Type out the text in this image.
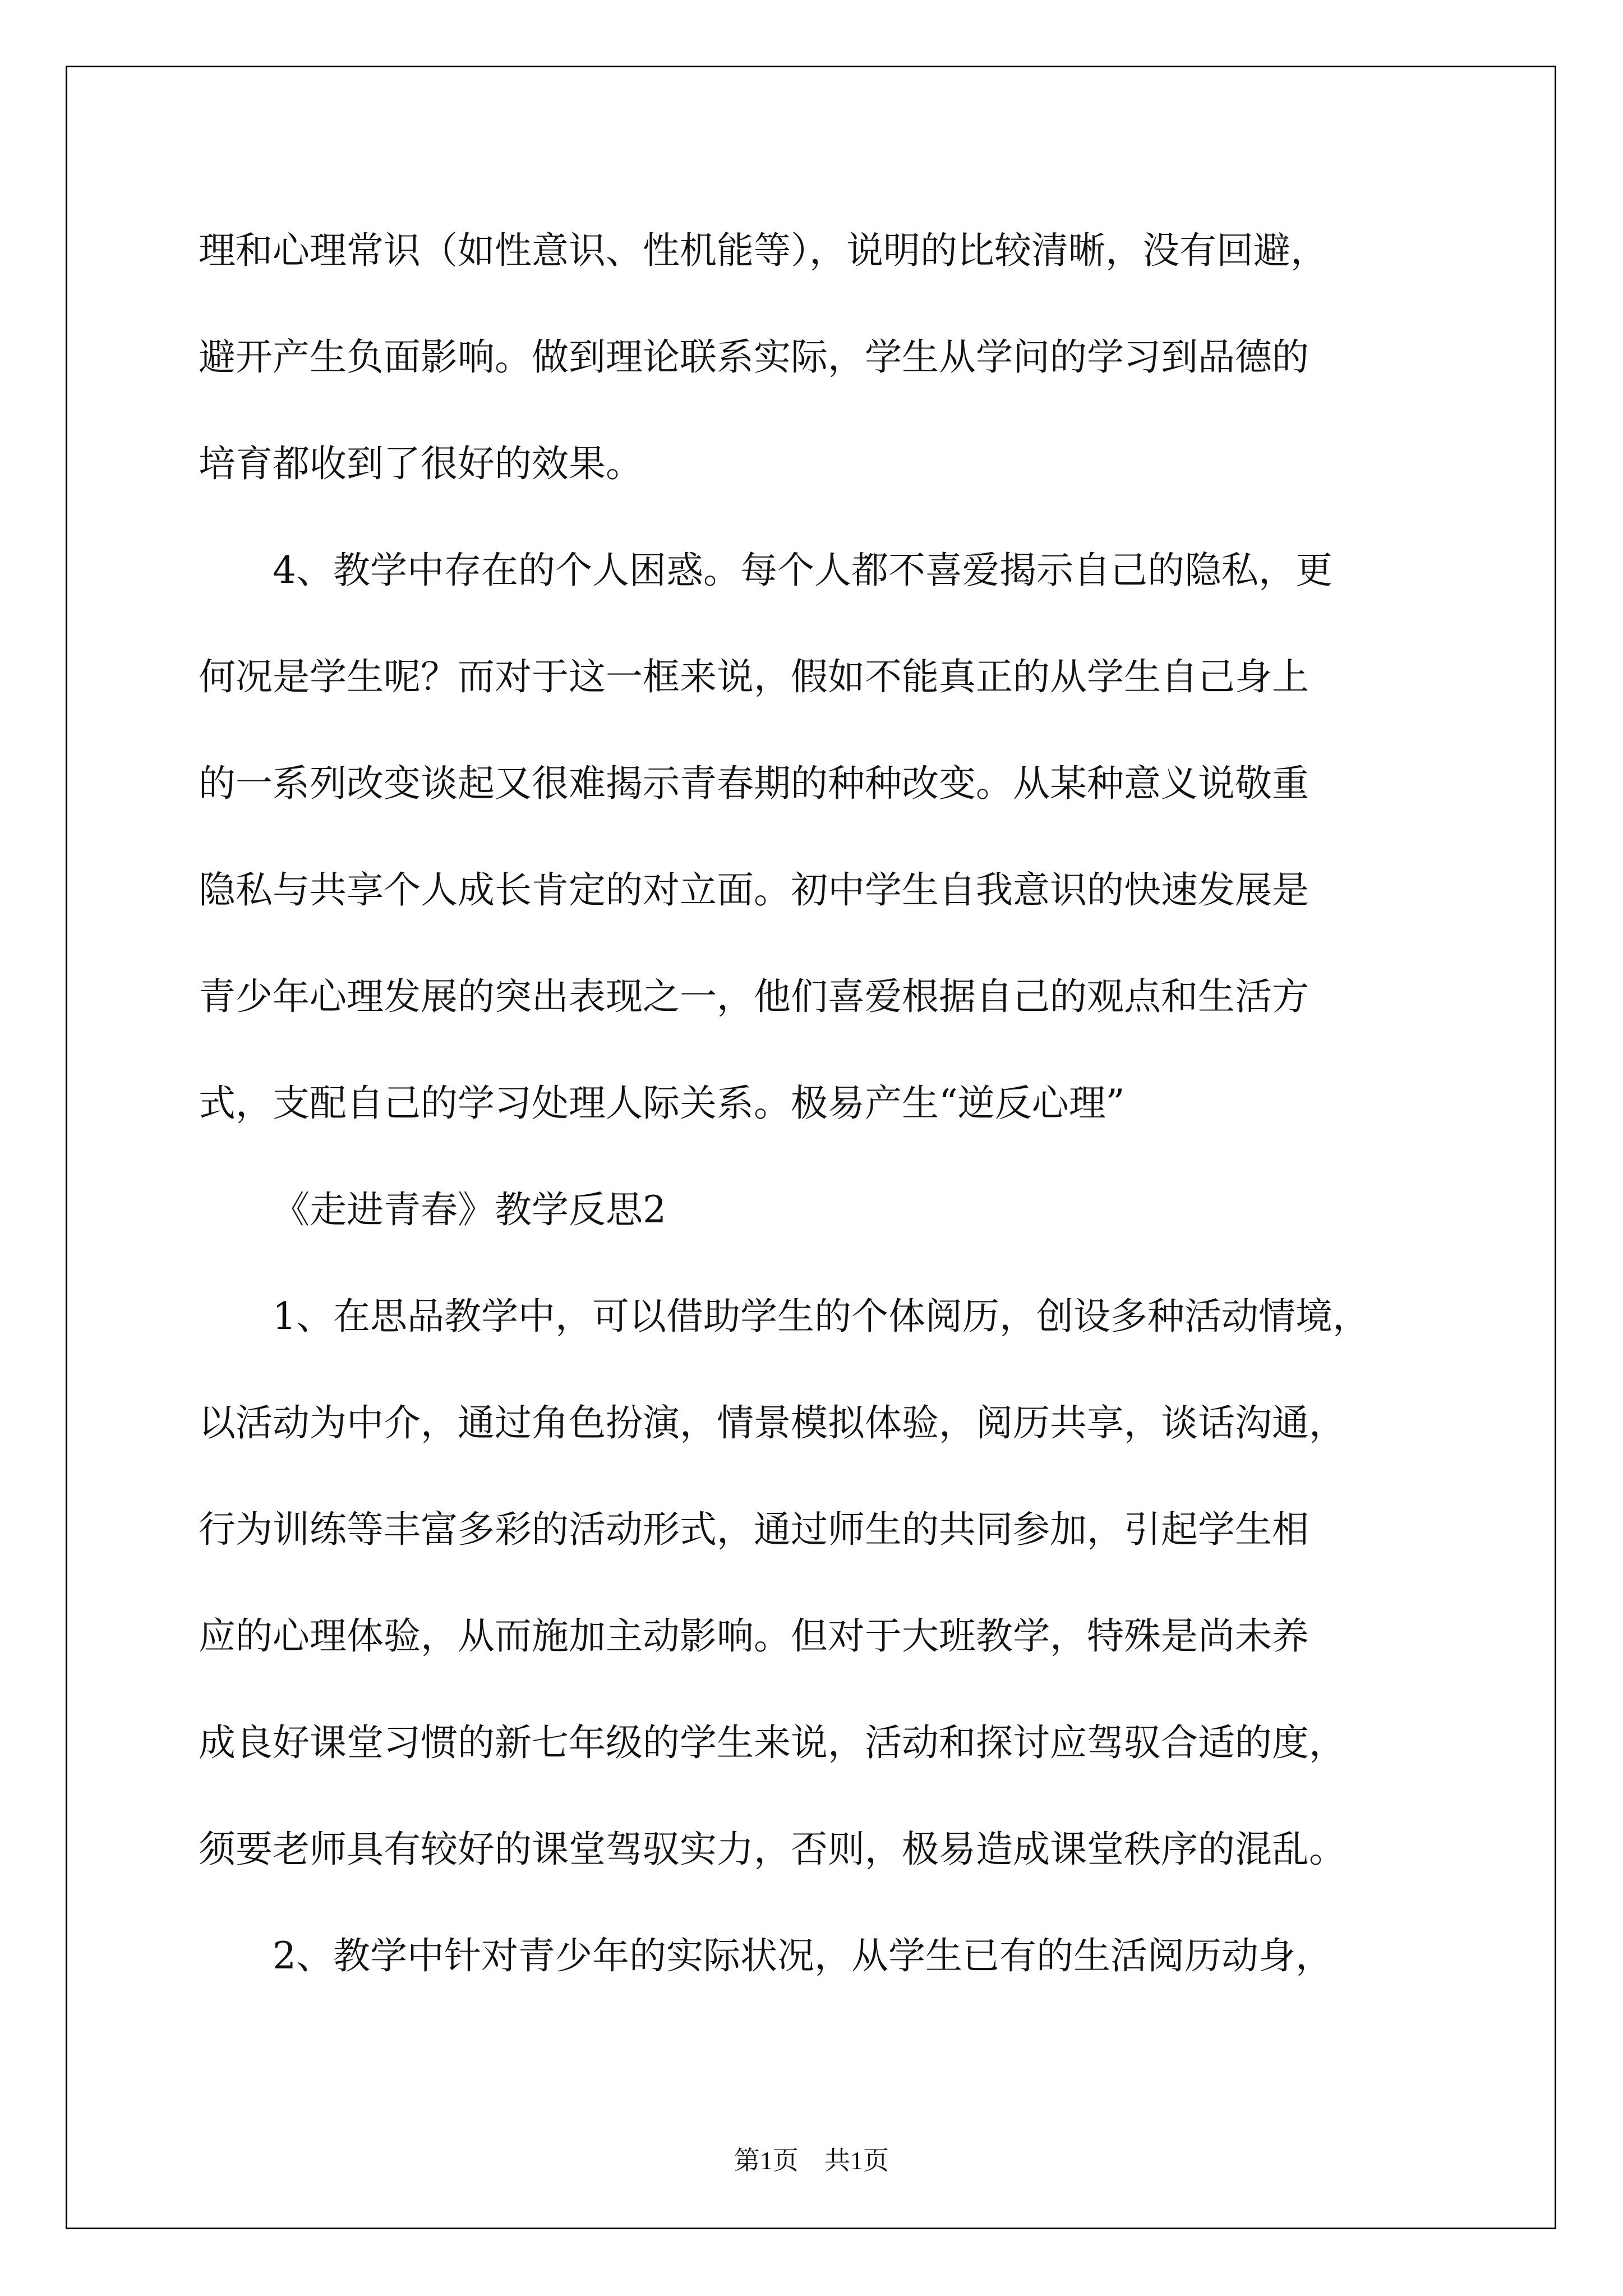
理和心理常识（如性意识、性机能等），说明的比较清晰，没有回避，

避开产生负面影响。做到理论联系实际，学生从学问的学习到品德的

培育都收到了很好的效果。

4、教学中存在的个人困惑。每个人都不喜爱揭示自己的隐私，更

何况是学生呢？而对于这一框来说，假如不能真正的从学生自己身上

的一系列改变谈起又很难揭示青春期的种种改变。从某种意义说敬重

隐私与共享个人成长肯定的对立面。初中学生自我意识的快速发展是

青少年心理发展的突出表现之一，他们喜爱根据自己的观点和生活方

式，支配自己的学习处理人际关系。极易产生“逆反心理”

《走进青春》教学反思2

1、在思品教学中，可以借助学生的个体阅历，创设多种活动情境，

以活动为中介，通过角色扮演，情景模拟体验，阅历共享，谈话沟通，

行为训练等丰富多彩的活动形式，通过师生的共同参加，引起学生相

应的心理体验，从而施加主动影响。但对于大班教学，特殊是尚未养

成良好课堂习惯的新七年级的学生来说，活动和探讨应驾驭合适的度，

须要老师具有较好的课堂驾驭实力，否则，极易造成课堂秩序的混乱。

2、教学中针对青少年的实际状况，从学生已有的生活阅历动身，

第1页　共1页
